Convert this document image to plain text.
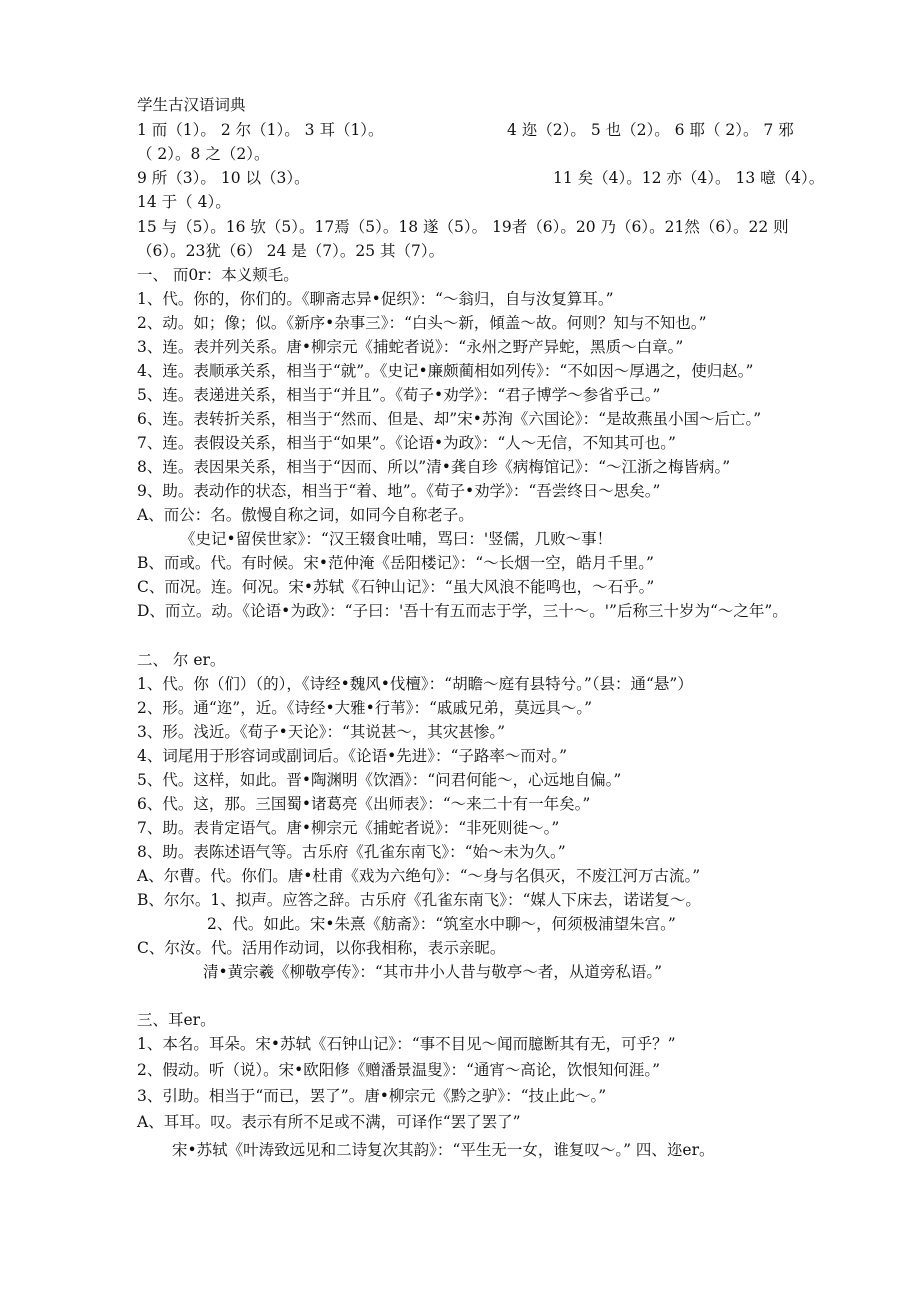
学生古汉语词典
1 而（1）。 2 尔（1）。 3 耳（1）。	4 迩（2）。 5 也（2）。 6 耶（ 2）。 7 邪
（ 2）。8 之（2）。
9 所（3）。 10 以（3）。	11 矣（4）。12 亦（4）。 13 噫（4）。
14 于（ 4）。
15 与（5）。16 欤（5）。17焉（5）。18 遂（5）。 19者（6）。20 乃（6）。21然（6）。22 则
（6）。23犹（6） 24 是（7）。25 其（7）。
一、 而0r：本义颊毛。
1、代。你的，你们的。《聊斋志异•促织》：“～翁归，自与汝复算耳。”
2、动。如；像；似。《新序•杂事三》：“白头～新，傾盖～故。何则？知与不知也。”
3、连。表并列关系。唐•柳宗元《捕蛇者说》：“永州之野产异蛇，黑质～白章。”
4、连。表顺承关系，相当于“就”。《史记•廉颇蔺相如列传》：“不如因～厚遇之，使归赵。”
5、连。表递进关系，相当于“并且”。《荀子•劝学》：“君子博学～参省乎己。”
6、连。表转折关系，相当于“然而、但是、却”宋•苏洵《六国论》：“是故燕虽小国～后亡。”
7、连。表假设关系，相当于“如果”。《论语•为政》：“人～无信，不知其可也。”
8、连。表因果关系，相当于“因而、所以”清•龚自珍《病梅馆记》：“～江浙之梅皆病。”
9、助。表动作的状态，相当于“着、地”。《荀子•劝学》：“吾尝终日～思矣。”
A、而公：名。傲慢自称之词，如同今自称老子。
《史记•留侯世家》：“汉王辍食吐哺，骂曰：'竖儒，几败～事！
B、而或。代。有时候。宋•范仲淹《岳阳楼记》：“～长烟一空，皓月千里。”
C、而况。连。何况。宋•苏轼《石钟山记》：“虽大风浪不能鸣也，～石乎。”
D、而立。动。《论语•为政》：“子曰：'吾十有五而志于学，三十～。'”后称三十岁为“～之年”。
二、 尔 er。
1、代。你（们）（的），《诗经•魏风•伐檀》：“胡瞻～庭有县特兮。”（县：通“悬”）
2、形。通“迩”，近。《诗经•大雅•行苇》：“戚戚兄弟，莫远具～。”
3、形。浅近。《荀子•天论》：“其说甚～，其灾甚惨。”
4、词尾用于形容词或副词后。《论语•先进》：“子路率～而对。”
5、代。这样，如此。晋•陶渊明《饮酒》：“问君何能～，心远地自偏。”
6、代。这，那。三国蜀•诸葛亮《出师表》：“～来二十有一年矣。”
7、助。表肯定语气。唐•柳宗元《捕蛇者说》：“非死则徙～。”
8、助。表陈述语气等。古乐府《孔雀东南飞》：“始～未为久。”
A、尔曹。代。你们。唐•杜甫《戏为六绝句》：“～身与名俱灭，不废江河万古流。”
B、尔尔。1、拟声。应答之辞。古乐府《孔雀东南飞》：“媒人下床去，诺诺复～。
2、代。如此。宋•朱熹《舫斋》：“筑室水中聊～，何须极浦望朱宫。”
C、尔汝。代。活用作动词，以你我相称，表示亲昵。
清•黄宗羲《柳敬亭传》：“其市井小人昔与敬亭～者，从道旁私语。”
三、耳er。
1、本名。耳朵。宋•苏轼《石钟山记》：“事不目见～闻而臆断其有无，可乎？”
2、假动。听（说）。宋•欧阳修《赠潘景温叟》：“通宵～高论，饮恨知何涯。”
3、引助。相当于“而已，罢了”。唐•柳宗元《黔之驴》：“技止此～。”
A、耳耳。叹。表示有所不足或不满，可译作“罢了罢了”
宋•苏轼《叶涛致远见和二诗复次其韵》：“平生无一女，谁复叹～。” 四、迩er。
